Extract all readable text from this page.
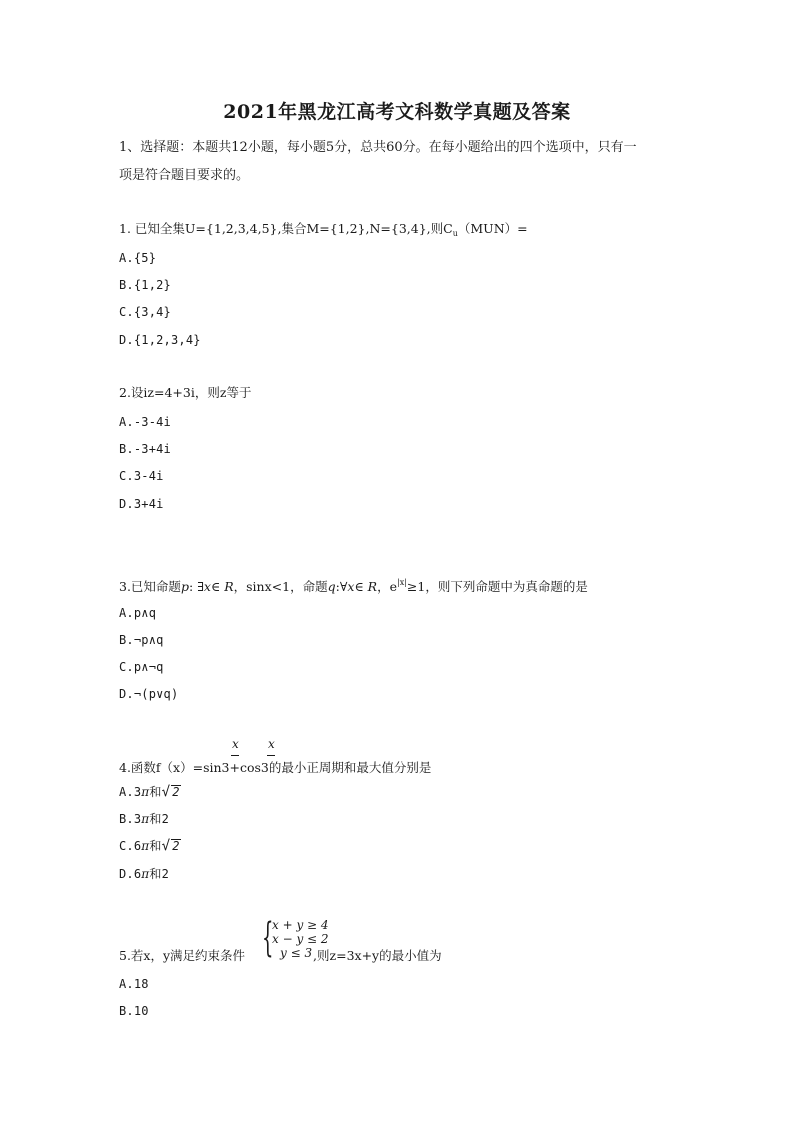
2021年黑龙江高考文科数学真题及答案
1、选择题：本题共12小题，每小题5分，总共60分。在每小题给出的四个选项中，只有一
项是符合题目要求的。
1. 已知全集U={1,2,3,4,5},集合M={1,2},N={3,4},则$C_u(MUN)=$
A.{5}
B.{1,2}
C.{3,4}
D.{1,2,3,4}
2.设iz=4+3i，则z等于
A.-3-4i
B.-3+4i
C.3-4i
D.3+4i
3.已知命题p: ∃x∈ R，sinx<1，命题q:∀x∈ R，$e^{|x|}\ge 1$，则下列命题中为真命题的是
A.p∧q
B.¬p∧q
C.p∧¬q
D.¬(p∨q)
x x
4.函数f（x）=sin3+cos3的最小正周期和最大值分别是
A.3π和√ 2
B.3π和2
C.6π和√ 2
D.6π和2
{
x + y ≥ 4
x − y ≤ 2
y ≤ 3
5.若x，y满足约束条件	,则z=3x+y的最小值为
A.18
B.10
